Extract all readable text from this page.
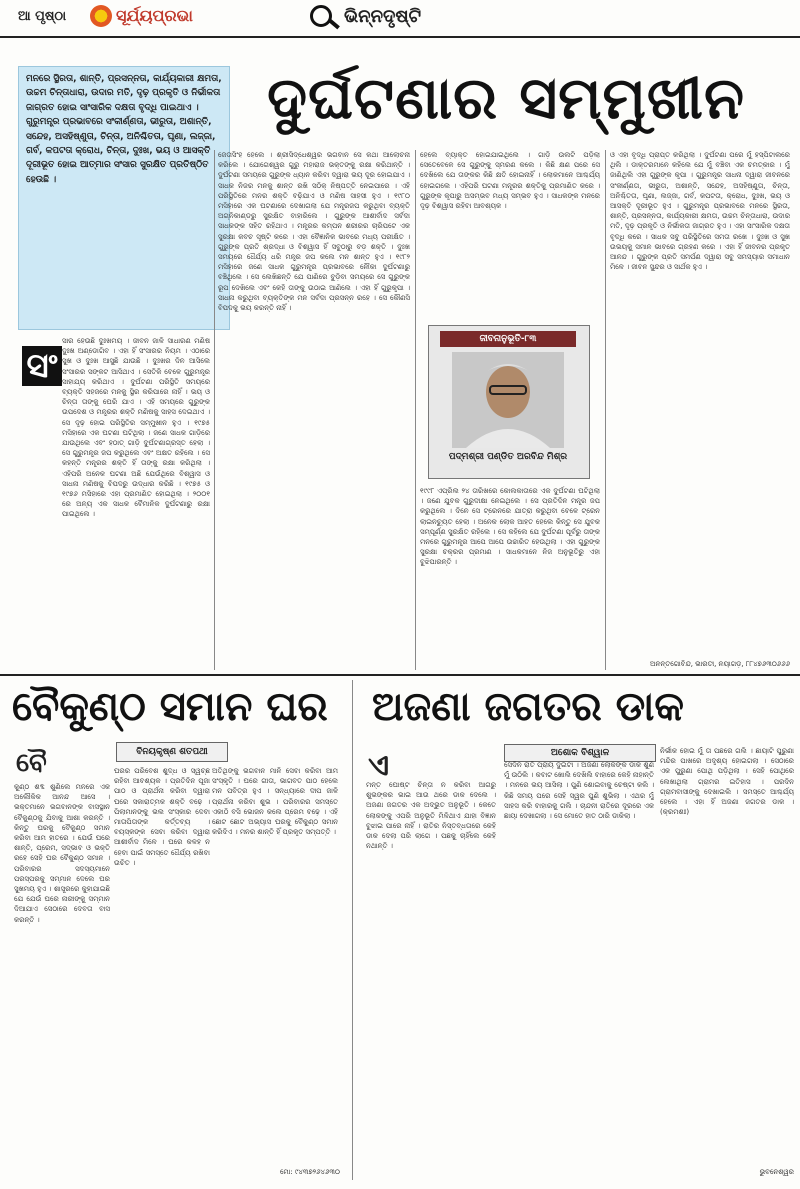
ଆ ପୃଷ୍ଠା	ସୂର୍ଯ୍ୟପ୍ରଭା	ଭିନ୍ନଦୃଷ୍ଟି
ମନରେ ସ୍ଥିରତା, ଶାନ୍ତି, ପ୍ରସନ୍ନତା, କାର୍ଯ୍ୟକାରୀ କ୍ଷମତା, ଉଚ୍ଚମ ଚିନ୍ତାଧାରା, ଉଦାର ମତି, ଦୃଢ଼ ପ୍ରକୃତି ଓ ନିର୍ଭୀକତା ଜାଗ୍ରତ ହୋଇ ସାଂସାରିକ ଦକ୍ଷତା ବୃଦ୍ଧି ପାଇଥାଏ । ଗୁରୁମନ୍ତ୍ର ପ୍ରଭାବରେ ସଂକୀର୍ଣ୍ଣତା, ଭୀରୁତା, ଅଶାନ୍ତି, ସନ୍ଦେହ, ଅସହିଷ୍ଣୁତା, ଚିନ୍ତା, ଅନିଶ୍ଚିତତା, ଘୃଣା, ଲଜ୍ଜା, ଗର୍ବ, କପଟତା କ୍ରୋଧ, ଚିନ୍ତା, ଦୁଃଖ, ଭୟ ଓ ଆସକ୍ତି ଦୂରୀଭୂତ ହୋଇ ଆତ୍ମାର ସଂସାର ସୁରକ୍ଷିତ ପ୍ରତିଷ୍ଠିତ ହେଉଛି ।
ଦୁର୍ଘଟଣାର ସମ୍ମୁଖୀନ
ସଂ
ସାର ହେଉଛି ଦୁଃଖମୟ । ଜୀବନ ଜାଳି ସାଧାରଣ ମଣିଷ ଦୁଃଖ ଅଣ୍ଡୋଗିବ । ଏହା ହିଁ ସଂସାରର ନିୟମ । ଏଠାରେ ସୁଖ ଓ ଦୁଃଖ ଆସୁଛି ଯାଉଛି । ଦୁଃଖର ଦିନ ଆସିଲେ ସଂସାରର ସଙ୍କଟ ଆସିଥାଏ । ସେତିକି ବେଳେ ଗୁରୁମନ୍ତ୍ର ସାହାଯ୍ୟ କରିଥାଏ । ଦୁର୍ଘଟଣା ପରିସ୍ଥିତି ସମୟରେ ବ୍ୟକ୍ତି ସହଜରେ ମନକୁ ସ୍ଥିର କରିପାରେ ନାହିଁ । ଭୟ ଓ ଚିନ୍ତା ତାଙ୍କୁ ଘେରି ଯାଏ । ଏହି ସମୟରେ ଗୁରୁଙ୍କ ଉପଦେଶ ଓ ମନ୍ତ୍ରର ଶକ୍ତି ମଣିଷକୁ ସାହସ ଦେଇଥାଏ । ସେ ଦୃଢ଼ ହୋଇ ପରିସ୍ଥିତିର ସମ୍ମୁଖୀନ ହୁଏ । ୧୯୭୫ ମସିହାରେ ଏକ ଘଟଣା ଘଟିଥିଲା । ଜଣେ ସାଧକ ଗାଡ଼ିରେ ଯାଉଥିଲେ ଏବଂ ହଠାତ୍ ଗାଡ଼ି ଦୁର୍ଘଟଣାଗ୍ରସ୍ତ ହେଲା । ସେ ଗୁରୁମନ୍ତ୍ର ଜପ କରୁଥିଲେ ଏବଂ ଅକ୍ଷତ ରହିଲେ । ସେ କହନ୍ତି ମନ୍ତ୍ରର ଶକ୍ତି ହିଁ ତାଙ୍କୁ ରକ୍ଷା କରିଥିଲା । ଏହିପରି ଅନେକ ଘଟଣା ଅଛି ଯେଉଁଥିରେ ବିଶ୍ୱାସ ଓ ସାଧନା ମଣିଷକୁ ବିପଦରୁ ଉଦ୍ଧାର କରିଛି । ୧୯୭୫ ଓ ୧୯୭୬ ମସିହାରେ ଏହା ପ୍ରମାଣିତ ହୋଇଥିଲା । ୨୦୦୧ ରେ ଅନ୍ୟ ଏକ ସାଧକ ବୈମାନିକ ଦୁର୍ଘଟଣାରୁ ରକ୍ଷା ପାଇଥିଲେ ।
ଜେତାସିଂହ ହେଲେ । ଶ୍ରୀସିଦ୍ଧେଶ୍ୱର ଭଗବାନ ସେ କଥା ଆଲୋଚନା କରିଲେ । ଯୋଗେଶ୍ୱର ଗୁରୁ ମହାରାଜ ଭକ୍ତଙ୍କୁ ରକ୍ଷା କରିଥାନ୍ତି । ଦୁର୍ଘଟଣା ସମୟରେ ଗୁରୁଙ୍କ ଧ୍ୟାନ କରିବା ଦ୍ୱାରା ଭୟ ଦୂର ହୋଇଯାଏ । ସାଧକ ନିଜର ମନକୁ ଶାନ୍ତ ରଖି ସଠିକ୍ ନିଷ୍ପତ୍ତି ନେଇପାରେ । ଏହି ପରିସ୍ଥିତିରେ ମନର ଶକ୍ତି ବଢ଼ିଯାଏ ଓ ମଣିଷ ସାହସୀ ହୁଏ । ୧୯୮୦ ମସିହାରେ ଏକ ଘଟଣାରେ ଦେଖାଗଲା ଯେ ମନ୍ତ୍ରଜପ କରୁଥିବା ବ୍ୟକ୍ତି ଅଗ୍ନିକାଣ୍ଡରୁ ସୁରକ୍ଷିତ ବାହାରିଲେ । ଗୁରୁଙ୍କ ଆଶୀର୍ବାଦ ସର୍ବଦା ସାଧକଙ୍କ ସହିତ ରହିଥାଏ । ମନ୍ତ୍ରର କମ୍ପନ ଶରୀରର ଚାରିପଟେ ଏକ ସୁରକ୍ଷା କବଚ ସୃଷ୍ଟି କରେ । ଏହା ବୈଜ୍ଞାନିକ ଭାବରେ ମଧ୍ୟ ପରୀକ୍ଷିତ । ଗୁରୁଙ୍କ ପ୍ରତି ଶ୍ରଦ୍ଧା ଓ ବିଶ୍ୱାସ ହିଁ ସବୁଠାରୁ ବଡ଼ ଶକ୍ତି । ଦୁଃଖ ସମୟରେ ଧୈର୍ଯ୍ୟ ଧରି ମନ୍ତ୍ର ଜପ କଲେ ମନ ଶାନ୍ତ ହୁଏ । ୧୯୮୨ ମସିହାରେ ଜଣେ ସାଧକ ଗୁରୁମନ୍ତ୍ର ପ୍ରଭାବରେ ନୌକା ଦୁର୍ଘଟଣାରୁ ବଞ୍ଚିଥିଲେ । ସେ ଲେଖିଛନ୍ତି ଯେ ପାଣିରେ ବୁଡ଼ିବା ସମୟରେ ସେ ଗୁରୁଙ୍କ ରୂପ ଦେଖିଲେ ଏବଂ କେହି ତାଙ୍କୁ ଉଠାଇ ଆଣିଲେ । ଏହା ହିଁ ଗୁରୁକୃପା । ସାଧନା କରୁଥିବା ବ୍ୟକ୍ତିଙ୍କ ମନ ସର୍ବଦା ପ୍ରସନ୍ନ ରହେ । ସେ କୌଣସି ବିପଦକୁ ଭୟ କରନ୍ତି ନାହିଁ ।
ହେଲେ ବ୍ୟାକ୍ତ ହୋଇଯାଇଥିଲେ । ଗାଡ଼ି ଉଲଟି ପଡ଼ିଲା ସେତେବେଳେ ସେ ଗୁରୁଙ୍କୁ ସ୍ମରଣ କଲେ । କିଛି କ୍ଷଣ ପରେ ସେ ଦେଖିଲେ ଯେ ତାଙ୍କର କିଛି କ୍ଷତି ହୋଇନାହିଁ । ଲୋକମାନେ ଆଶ୍ଚର୍ଯ୍ୟ ହୋଇଗଲେ । ଏହିପରି ଘଟଣା ମନ୍ତ୍ରର ଶକ୍ତିକୁ ପ୍ରମାଣିତ କରେ । ଗୁରୁଙ୍କ କୃପାରୁ ଅସମ୍ଭବ ମଧ୍ୟ ସମ୍ଭବ ହୁଏ । ସାଧକଙ୍କ ମନରେ ଦୃଢ଼ ବିଶ୍ୱାସ ରହିବା ଆବଶ୍ୟକ ।
ଜୀବନାନୁଭୂତି-୮୩
ପଦ୍ମଶ୍ରୀ ପଣ୍ଡିତ ଅରବିନ୍ଦ ମିଶ୍ର
୧୯୯୮ ଏପ୍ରିଲ ୨୪ ତାରିଖରେ କୋଲକାତାରେ ଏକ ଦୁର୍ଘଟଣା ଘଟିଥିଲା । ଜଣେ ଯୁବକ ଗୁରୁଦୀକ୍ଷା ନେଇଥିଲେ । ସେ ପ୍ରତିଦିନ ମନ୍ତ୍ର ଜପ କରୁଥିଲେ । ଦିନେ ସେ ଟ୍ରେନରେ ଯାତ୍ରା କରୁଥିବା ବେଳେ ଟ୍ରେନ ଲାଇନଚ୍ୟୁତ ହେଲା । ଅନେକ ଲୋକ ଆହତ ହେଲେ କିନ୍ତୁ ସେ ଯୁବକ ସମ୍ପୂର୍ଣ୍ଣ ସୁରକ୍ଷିତ ରହିଲେ । ସେ କହିଲେ ଯେ ଦୁର୍ଘଟଣା ପୂର୍ବରୁ ତାଙ୍କ ମନରେ ଗୁରୁମନ୍ତ୍ର ଆପେ ଆପେ ଉଚ୍ଚାରିତ ହେଉଥିଲା । ଏହା ଗୁରୁଙ୍କ ସୁରକ୍ଷା ଚକ୍ରର ପ୍ରମାଣ । ସାଧକମାନେ ନିଜ ଅନୁଭୂତିରୁ ଏହା ବୁଝିପାରନ୍ତି ।
ଓ ଏହା ବୃଦ୍ଧି ପ୍ରାପ୍ତ କରିଥିଲା । ଦୁର୍ଘଟଣା ପରେ ମୁଁ ହସ୍ପିଟାଲରେ ଥିଲି । ଡାକ୍ତରମାନେ କହିଲେ ଯେ ମୁଁ ବଞ୍ଚିବା ଏକ ଚମତ୍କାର । ମୁଁ ଜାଣିଥିଲି ଏହା ଗୁରୁଙ୍କ କୃପା । ଗୁରୁମନ୍ତ୍ର ସାଧନା ଦ୍ୱାରା ଜୀବନରେ ସଂକୀର୍ଣ୍ଣତା, ଭୀରୁତା, ଅଶାନ୍ତି, ସନ୍ଦେହ, ଅସହିଷ୍ଣୁତା, ଚିନ୍ତା, ଅନିଶ୍ଚିତତା, ଘୃଣା, ଲଜ୍ଜା, ଗର୍ବ, କପଟତା, କ୍ରୋଧ, ଦୁଃଖ, ଭୟ ଓ ଆସକ୍ତି ଦୂରୀଭୂତ ହୁଏ । ଗୁରୁମନ୍ତ୍ର ପ୍ରଭାବରେ ମନରେ ସ୍ଥିରତା, ଶାନ୍ତି, ପ୍ରସନ୍ନତା, କାର୍ଯ୍ୟକାରୀ କ୍ଷମତା, ଉଚ୍ଚମ ଚିନ୍ତାଧାରା, ଉଦାର ମତି, ଦୃଢ଼ ପ୍ରକୃତି ଓ ନିର୍ଭୀକତା ଜାଗ୍ରତ ହୁଏ । ଏହା ସାଂସାରିକ ଦକ୍ଷତା ବୃଦ୍ଧି କରେ । ସାଧକ ସବୁ ପରିସ୍ଥିତିରେ ସମତା ରଖେ । ଦୁଃଖ ଓ ସୁଖ ଉଭୟକୁ ସମାନ ଭାବରେ ଗ୍ରହଣ କରେ । ଏହା ହିଁ ଜୀବନର ପ୍ରକୃତ ଆନନ୍ଦ । ଗୁରୁଙ୍କ ପ୍ରତି ସମର୍ପଣ ଦ୍ୱାରା ସବୁ ସମସ୍ୟାର ସମାଧାନ ମିଳେ । ଜୀବନ ସୁନ୍ଦର ଓ ସାର୍ଥକ ହୁଏ ।
ଅନନ୍ତଗୋବିନ୍ଦ, ଭାରତୀ, ନୟାଗଡ଼, ୮୮୪୭୬୩୦୬୬୬
ବୈକୁଣ୍ଠ ସମାନ ଘର
ବୈ	ବିନୟକୃଷ୍ଣ ଶତପଥୀ
କୁଣ୍ଠ ଶବ୍ଦ ଶୁଣିଲେ ମନରେ ଏକ ଅଲୌକିକ ଆନନ୍ଦ ଆସେ । ଭକ୍ତମାନେ ଭଗବାନଙ୍କ ବାସସ୍ଥାନ ବୈକୁଣ୍ଠକୁ ଯିବାକୁ ଆଶା କରନ୍ତି । କିନ୍ତୁ ଘରକୁ ବୈକୁଣ୍ଠ ସମାନ କରିବା ଆମ ହାତରେ । ଯେଉଁ ଘରେ ଶାନ୍ତି, ପ୍ରେମ, ସଦ୍ଭାବ ଓ ଭକ୍ତି ରହେ ସେହି ଘର ବୈକୁଣ୍ଠ ସମାନ । ପରିବାରର ସଦସ୍ୟମାନେ ପରସ୍ପରକୁ ସମ୍ମାନ ଦେଲେ ଘର ସୁଖମୟ ହୁଏ । ଶାସ୍ତ୍ରରେ କୁହାଯାଇଛି ଯେ ଯେଉଁ ଘରେ ନାରୀଙ୍କୁ ସମ୍ମାନ ଦିଆଯାଏ ସେଠାରେ ଦେବତା ବାସ କରନ୍ତି ।
ଘରର ପରିବେଶ ଶୁଦ୍ଧ ଓ ସ୍ୱଚ୍ଛ ରହିବା ଆବଶ୍ୟକ । ପ୍ରତିଦିନ ପୂଜା ପାଠ ଓ ପ୍ରାର୍ଥନା କରିବା ଦ୍ୱାରା ଘରେ ସକାରାତ୍ମକ ଶକ୍ତି ବଢ଼େ । ପିଲାମାନଙ୍କୁ ଭଲ ସଂସ୍କାର ଦେବା ମାତାପିତାଙ୍କ କର୍ତ୍ତବ୍ୟ । ବୟସ୍କଙ୍କ ସେବା କରିବା ଦ୍ୱାରା ଆଶୀର୍ବାଦ ମିଳେ । ଘରେ କଳହ ନ ହେବା ପାଇଁ ସମସ୍ତେ ଧୈର୍ଯ୍ୟ ରଖିବା ଉଚିତ ।
ଅତିଥିଙ୍କୁ ଭଗବାନ ମାନି ସେବା କରିବା ଆମ ସଂସ୍କୃତି । ଘରେ ଗୀତା, ଭାଗବତ ପାଠ ହେଲେ ମନ ପବିତ୍ର ହୁଏ । ସନ୍ଧ୍ୟାରେ ଦୀପ ଜାଳି ପ୍ରାର୍ଥନା କରିବା ଶୁଭ । ପରିବାରର ସମସ୍ତେ ଏକାଠି ବସି ଭୋଜନ କଲେ ପ୍ରେମ ବଢ଼େ । ଏହି ଛୋଟ ଛୋଟ ଅଭ୍ୟାସ ଘରକୁ ବୈକୁଣ୍ଠ ସମାନ କରିଦିଏ । ମନର ଶାନ୍ତି ହିଁ ପ୍ରକୃତ ସମ୍ପତ୍ତି ।
ମୋ: ୯୪୩୭୨୬୪୬୩୦
ଅଜଣା ଜଗତର ଡାକ
ଏ	ଅଶୋକ ବିଶ୍ୱାଳ
ମନ୍ତ ଘୋଷ୍ଟ ଚିନ୍ତା ନ କରିବା ଆଗରୁ ଶୁଭଙ୍କର ଭାଇ ଆଉ ଥରେ ଡାକ ଦେଲେ । ଅଜଣା ଜଗତର ଏକ ଅଦ୍ଭୁତ ଅନୁଭୂତି । କେତେ ଲୋକଙ୍କୁ ଏପରି ଅନୁଭୂତି ମିଳିଥାଏ ଯାହା ବିଜ୍ଞାନ ବୁଝାଇ ପାରେ ନାହିଁ । ରାତିର ନିସ୍ତବ୍ଧତାରେ କେହି ଡାକ ଦେଲା ପରି ଲାଗେ । ପଛକୁ ଚାହିଁଲେ କେହି ନଥାନ୍ତି ।
ସେଦିନ ରାତି ପ୍ରାୟ ଦୁଇଟା । ଅଜଣା ଲୋକଙ୍କ ଡାକ ଶୁଣି ମୁଁ ଉଠିଲି । କବାଟ ଖୋଲି ଦେଖିଲି ବାହାରେ କେହି ନାହାନ୍ତି । ମନରେ ଭୟ ଆସିଲା । ପୁଣି ଶୋଇବାକୁ ଚେଷ୍ଟା କଲି । କିଛି ସମୟ ପରେ ସେହି ସ୍ୱର ପୁଣି ଶୁଭିଲା । ଏଥର ମୁଁ ସାହସ କରି ବାହାରକୁ ଗଲି । ଚାନ୍ଦନୀ ରାତିରେ ଦୂରରେ ଏକ ଛାୟା ଦେଖାଗଲା । ସେ ମୋତେ ହାତ ଠାରି ଡାକିଲା ।
ନିର୍ଭୀକ ହୋଇ ମୁଁ ତା ପଛରେ ଗଲି । ଛାୟାଟି ପୁରୁଣା ମନ୍ଦିର ପାଖରେ ଅଦୃଶ୍ୟ ହୋଇଗଲା । ସେଠାରେ ଏକ ପୁରୁଣା ପୋଥି ପଡ଼ିଥିଲା । ସେହି ପୋଥିରେ ଲେଖାଥିଲା ଗ୍ରାମର ଇତିହାସ । ପରଦିନ ଗ୍ରାମବାସୀଙ୍କୁ ଦେଖାଇଲି । ସମସ୍ତେ ଆଶ୍ଚର୍ଯ୍ୟ ହେଲେ । ଏହା ହିଁ ଅଜଣା ଜଗତର ଡାକ । (କ୍ରମଶଃ)
ଭୁବନେଶ୍ୱର
